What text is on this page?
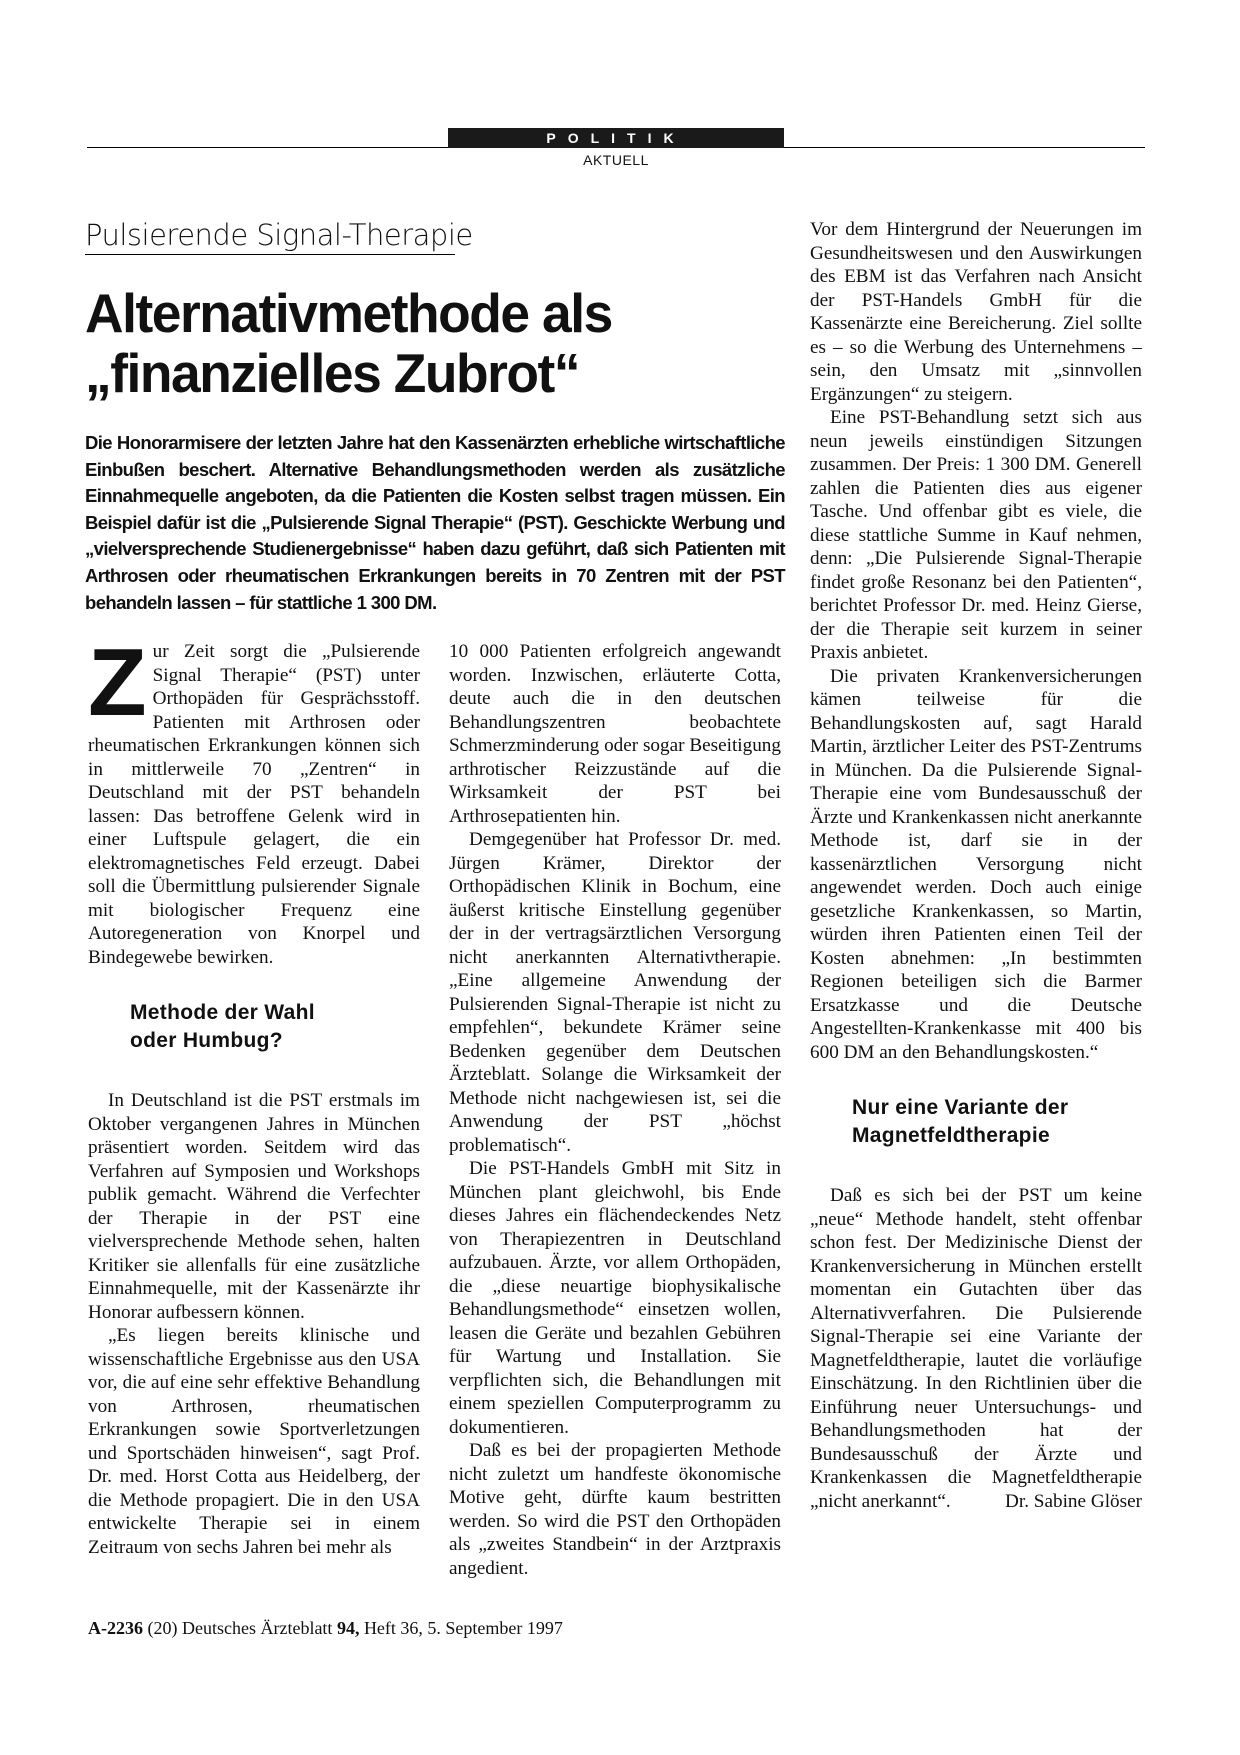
POLITIK
AKTUELL
Pulsierende Signal-Therapie
Alternativmethode als
„finanzielles Zubrot“

Die Honorarmisere der letzten Jahre hat den Kassenärzten erhebliche wirtschaftliche Einbußen beschert. Alternative Behandlungsmethoden werden als zusätzliche Einnahmequelle angeboten, da die Patienten die Kosten selbst tragen müssen. Ein Beispiel dafür ist die „Pulsierende Signal Therapie“ (PST). Geschickte Werbung und „vielversprechende Studienergebnisse“ haben dazu geführt, daß sich Patienten mit Arthrosen oder rheumatischen Erkrankungen bereits in 70 Zentren mit der PST behandeln lassen – für stattliche 1 300 DM.

Zur Zeit sorgt die „Pulsierende Signal Therapie“ (PST) unter Orthopäden für Gesprächsstoff. Patienten mit Arthrosen oder rheumatischen Erkrankungen können sich in mittlerweile 70 „Zentren“ in Deutschland mit der PST behandeln lassen: Das betroffene Gelenk wird in einer Luftspule gelagert, die ein elektromagnetisches Feld erzeugt. Dabei soll die Übermittlung pulsierender Signale mit biologischer Frequenz eine Autoregeneration von Knorpel und Bindegewebe bewirken.

Methode der Wahl
oder Humbug?

In Deutschland ist die PST erstmals im Oktober vergangenen Jahres in München präsentiert worden. Seitdem wird das Verfahren auf Symposien und Workshops publik gemacht. Während die Verfechter der Therapie in der PST eine vielversprechende Methode sehen, halten Kritiker sie allenfalls für eine zusätzliche Einnahmequelle, mit der Kassenärzte ihr Honorar aufbessern können.

„Es liegen bereits klinische und wissenschaftliche Ergebnisse aus den USA vor, die auf eine sehr effektive Behandlung von Arthrosen, rheumatischen Erkrankungen sowie Sportverletzungen und Sportschäden hinweisen“, sagt Prof. Dr. med. Horst Cotta aus Heidelberg, der die Methode propagiert. Die in den USA entwickelte Therapie sei in einem Zeitraum von sechs Jahren bei mehr als

10 000 Patienten erfolgreich angewandt worden. Inzwischen, erläuterte Cotta, deute auch die in den deutschen Behandlungszentren beobachtete Schmerzminderung oder sogar Beseitigung arthrotischer Reizzustände auf die Wirksamkeit der PST bei Arthrosepatienten hin.

Demgegenüber hat Professor Dr. med. Jürgen Krämer, Direktor der Orthopädischen Klinik in Bochum, eine äußerst kritische Einstellung gegenüber der in der vertragsärztlichen Versorgung nicht anerkannten Alternativtherapie. „Eine allgemeine Anwendung der Pulsierenden Signal-Therapie ist nicht zu empfehlen“, bekundete Krämer seine Bedenken gegenüber dem Deutschen Ärzteblatt. Solange die Wirksamkeit der Methode nicht nachgewiesen ist, sei die Anwendung der PST „höchst problematisch“.

Die PST-Handels GmbH mit Sitz in München plant gleichwohl, bis Ende dieses Jahres ein flächendeckendes Netz von Therapiezentren in Deutschland aufzubauen. Ärzte, vor allem Orthopäden, die „diese neuartige biophysikalische Behandlungsmethode“ einsetzen wollen, leasen die Geräte und bezahlen Gebühren für Wartung und Installation. Sie verpflichten sich, die Behandlungen mit einem speziellen Computerprogramm zu dokumentieren.

Daß es bei der propagierten Methode nicht zuletzt um handfeste ökonomische Motive geht, dürfte kaum bestritten werden. So wird die PST den Orthopäden als „zweites Standbein“ in der Arztpraxis angedient.

Vor dem Hintergrund der Neuerungen im Gesundheitswesen und den Auswirkungen des EBM ist das Verfahren nach Ansicht der PST-Handels GmbH für die Kassenärzte eine Bereicherung. Ziel sollte es – so die Werbung des Unternehmens – sein, den Umsatz mit „sinnvollen Ergänzungen“ zu steigern.

Eine PST-Behandlung setzt sich aus neun jeweils einstündigen Sitzungen zusammen. Der Preis: 1 300 DM. Generell zahlen die Patienten dies aus eigener Tasche. Und offenbar gibt es viele, die diese stattliche Summe in Kauf nehmen, denn: „Die Pulsierende Signal-Therapie findet große Resonanz bei den Patienten“, berichtet Professor Dr. med. Heinz Gierse, der die Therapie seit kurzem in seiner Praxis anbietet.

Die privaten Krankenversicherungen kämen teilweise für die Behandlungskosten auf, sagt Harald Martin, ärztlicher Leiter des PST-Zentrums in München. Da die Pulsierende Signal-Therapie eine vom Bundesausschuß der Ärzte und Krankenkassen nicht anerkannte Methode ist, darf sie in der kassenärztlichen Versorgung nicht angewendet werden. Doch auch einige gesetzliche Krankenkassen, so Martin, würden ihren Patienten einen Teil der Kosten abnehmen: „In bestimmten Regionen beteiligen sich die Barmer Ersatzkasse und die Deutsche Angestellten-Krankenkasse mit 400 bis 600 DM an den Behandlungskosten.“

Nur eine Variante der
Magnetfeldtherapie

Daß es sich bei der PST um keine „neue“ Methode handelt, steht offenbar schon fest. Der Medizinische Dienst der Krankenversicherung in München erstellt momentan ein Gutachten über das Alternativverfahren. Die Pulsierende Signal-Therapie sei eine Variante der Magnetfeldtherapie, lautet die vorläufige Einschätzung. In den Richtlinien über die Einführung neuer Untersuchungs- und Behandlungsmethoden hat der Bundesausschuß der Ärzte und Krankenkassen die Magnetfeldtherapie „nicht anerkannt“.	Dr. Sabine Glöser

A-2236 (20) Deutsches Ärzteblatt 94, Heft 36, 5. September 1997
